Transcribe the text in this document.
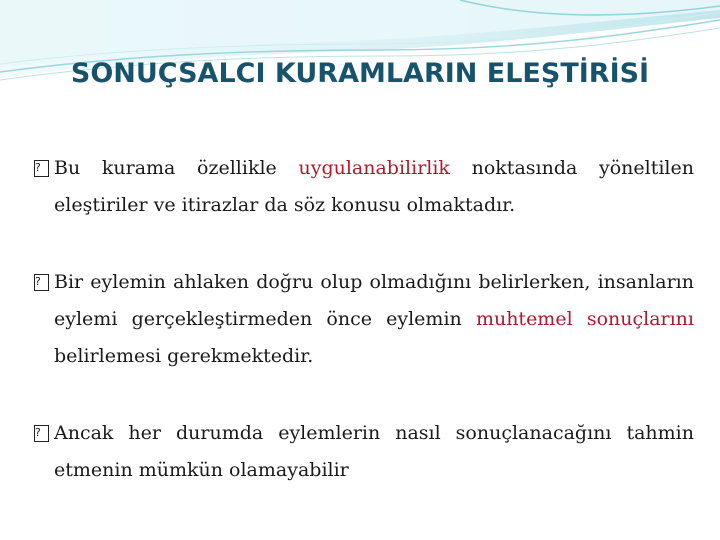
SONUÇSALCI KURAMLARIN ELEŞTİRİSİ
?
Bu kurama özellikle uygulanabilirlik noktasında yöneltilen eleştiriler ve itirazlar da söz konusu olmaktadır.
?
Bir eylemin ahlaken doğru olup olmadığını belirlerken, insanların eylemi gerçekleştirmeden önce eylemin muhtemel sonuçlarını belirlemesi gerekmektedir.
?
Ancak her durumda eylemlerin nasıl sonuçlanacağını tahmin etmenin mümkün olamayabilir
